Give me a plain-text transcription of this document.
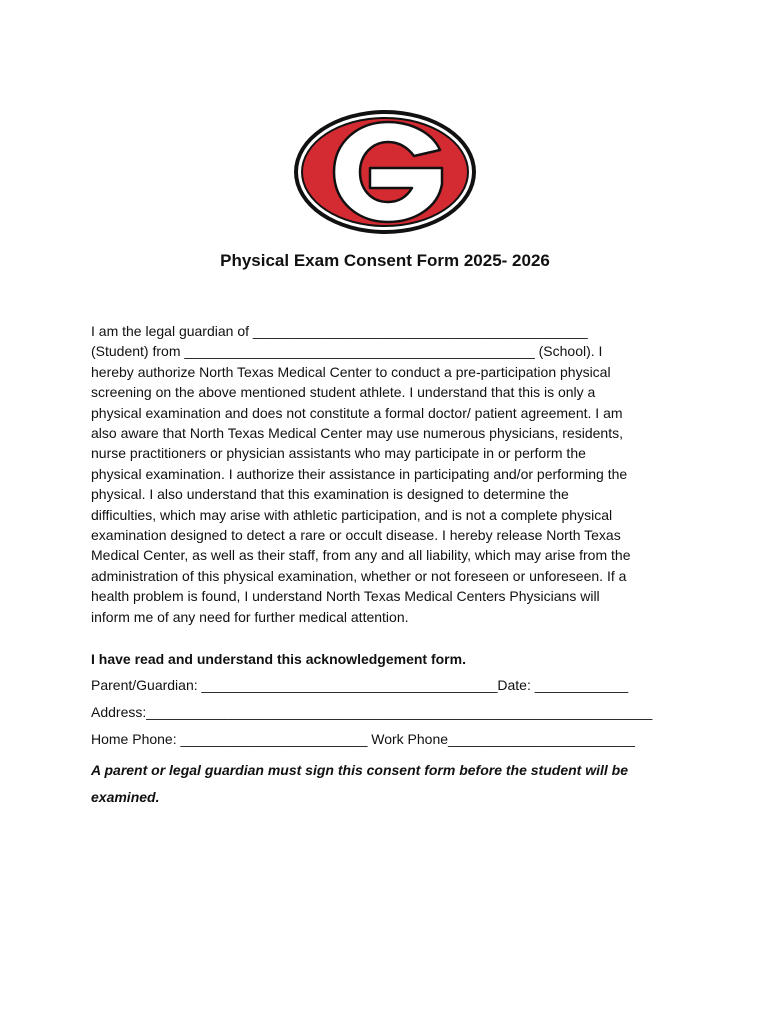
Physical Exam Consent Form 2025- 2026
I am the legal guardian of ___________________________________________
(Student) from _____________________________________________ (School). I
hereby authorize North Texas Medical Center to conduct a pre-participation physical
screening on the above mentioned student athlete. I understand that this is only a
physical examination and does not constitute a formal doctor/ patient agreement. I am
also aware that North Texas Medical Center may use numerous physicians, residents,
nurse practitioners or physician assistants who may participate in or perform the
physical examination. I authorize their assistance in participating and/or performing the
physical. I also understand that this examination is designed to determine the
difficulties, which may arise with athletic participation, and is not a complete physical
examination designed to detect a rare or occult disease. I hereby release North Texas
Medical Center, as well as their staff, from any and all liability, which may arise from the
administration of this physical examination, whether or not foreseen or unforeseen. If a
health problem is found, I understand North Texas Medical Centers Physicians will
inform me of any need for further medical attention.

I have read and understand this acknowledgement form.

Parent/Guardian: ______________________________________Date: ____________

Address:_________________________________________________________________

Home Phone: ________________________ Work Phone________________________

A parent or legal guardian must sign this consent form before the student will be examined.
